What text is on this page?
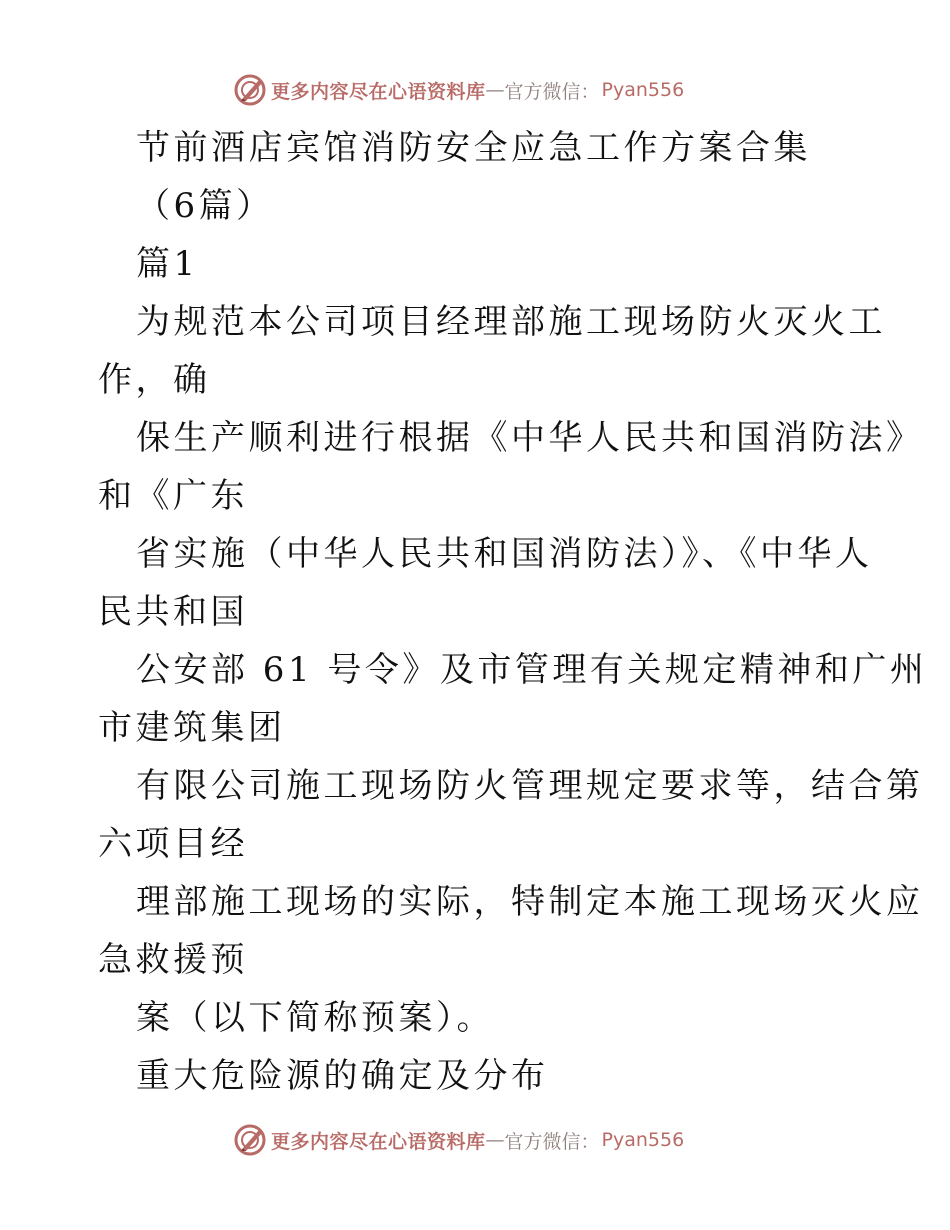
更多内容尽在心语资料库 — 官方微信： Pyan556
节前酒店宾馆消防安全应急工作方案合集
（6篇）
篇1
为规范本公司项目经理部施工现场防火灭火工
作，确
保生产顺利进行根据《中华人民共和国消防法》
和《广东
省实施（中华人民共和国消防法）》、《中华人
民共和国
公安部 61 号令》及市管理有关规定精神和广州
市建筑集团
有限公司施工现场防火管理规定要求等，结合第
六项目经
理部施工现场的实际，特制定本施工现场灭火应
急救援预
案（以下简称预案）。
重大危险源的确定及分布
更多内容尽在心语资料库 — 官方微信： Pyan556
